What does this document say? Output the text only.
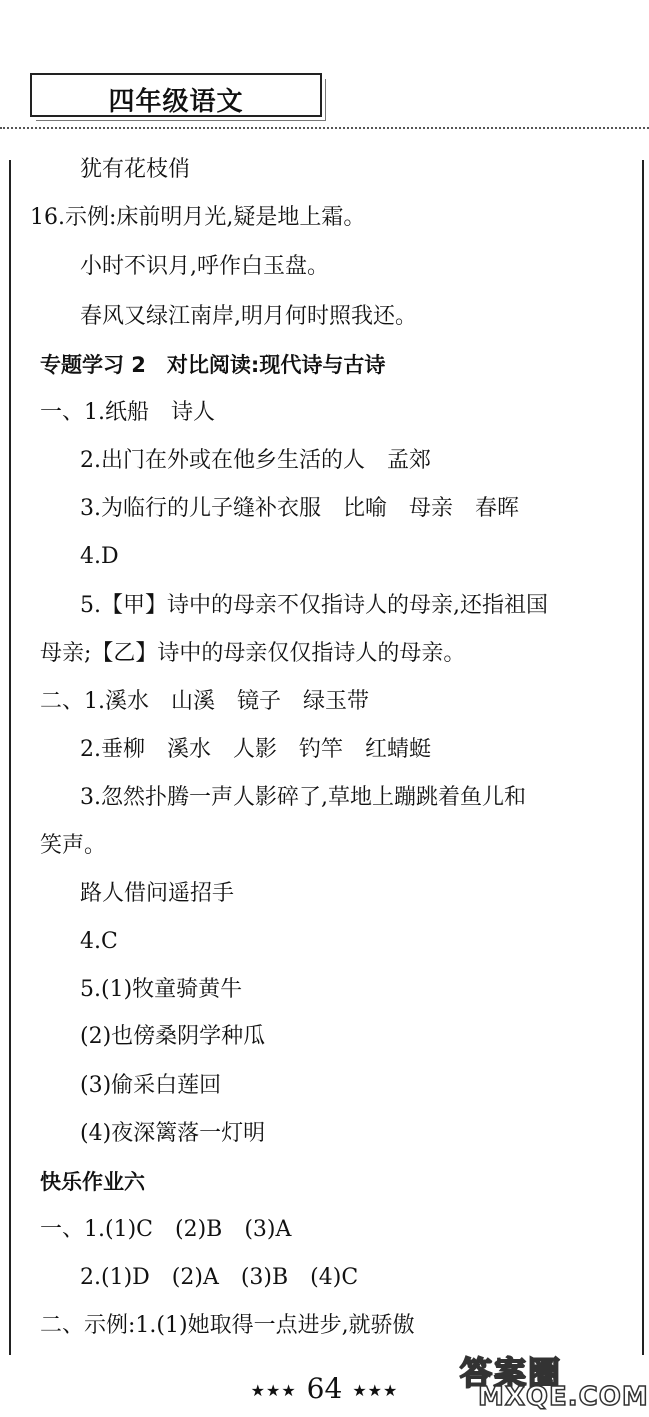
四年级语文
犹有花枝俏
16.示例:床前明月光,疑是地上霜。
小时不识月,呼作白玉盘。
春风又绿江南岸,明月何时照我还。
专题学习 2　对比阅读:现代诗与古诗
一、1.纸船　诗人
2.出门在外或在他乡生活的人　孟郊
3.为临行的儿子缝补衣服　比喻　母亲　春晖
4.D
5.【甲】诗中的母亲不仅指诗人的母亲,还指祖国
母亲;【乙】诗中的母亲仅仅指诗人的母亲。
二、1.溪水　山溪　镜子　绿玉带
2.垂柳　溪水　人影　钓竿　红蜻蜓
3.忽然扑腾一声人影碎了,草地上蹦跳着鱼儿和
笑声。
路人借问遥招手
4.C
5.(1)牧童骑黄牛
(2)也傍桑阴学种瓜
(3)偷采白莲回
(4)夜深篱落一灯明
快乐作业六
一、1.(1)C　(2)B　(3)A
2.(1)D　(2)A　(3)B　(4)C
二、示例:1.(1)她取得一点进步,就骄傲
★★★ 64 ★★★	答案圈
MXQE.COM
